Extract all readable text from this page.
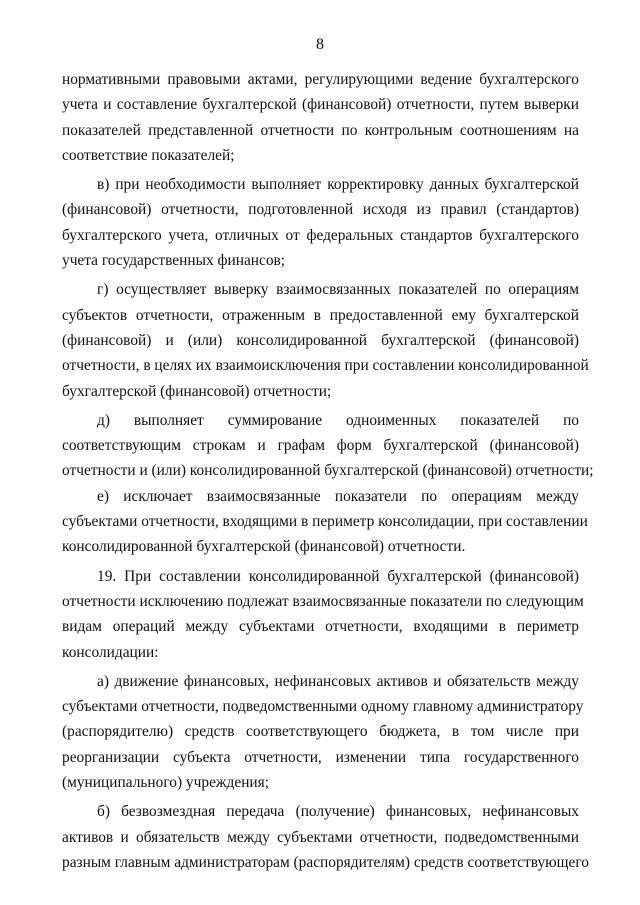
8

нормативными правовыми актами, регулирующими ведение бухгалтерского
учета и составление бухгалтерской (финансовой) отчетности, путем выверки
показателей представленной отчетности по контрольным соотношениям на
соответствие показателей;

в) при необходимости выполняет корректировку данных бухгалтерской
(финансовой) отчетности, подготовленной исходя из правил (стандартов)
бухгалтерского учета, отличных от федеральных стандартов бухгалтерского
учета государственных финансов;

г) осуществляет выверку взаимосвязанных показателей по операциям
субъектов отчетности, отраженным в предоставленной ему бухгалтерской
(финансовой) и (или) консолидированной бухгалтерской (финансовой)
отчетности, в целях их взаимоисключения при составлении консолидированной
бухгалтерской (финансовой) отчетности;

д) выполняет суммирование одноименных показателей по
соответствующим строкам и графам форм бухгалтерской (финансовой)
отчетности и (или) консолидированной бухгалтерской (финансовой) отчетности;

е) исключает взаимосвязанные показатели по операциям между
субъектами отчетности, входящими в периметр консолидации, при составлении
консолидированной бухгалтерской (финансовой) отчетности.

19. При составлении консолидированной бухгалтерской (финансовой)
отчетности исключению подлежат взаимосвязанные показатели по следующим
видам операций между субъектами отчетности, входящими в периметр
консолидации:

а) движение финансовых, нефинансовых активов и обязательств между
субъектами отчетности, подведомственными одному главному администратору
(распорядителю) средств соответствующего бюджета, в том числе при
реорганизации субъекта отчетности, изменении типа государственного
(муниципального) учреждения;

б) безвозмездная передача (получение) финансовых, нефинансовых
активов и обязательств между субъектами отчетности, подведомственными
разным главным администраторам (распорядителям) средств соответствующего
